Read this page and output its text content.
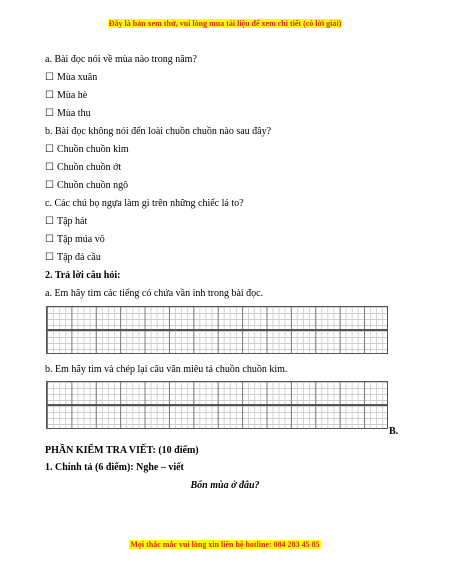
Đây là bản xem thử, vui lòng mua tài liệu để xem chi tiết (có lời giải)
a. Bài đọc nói về mùa nào trong năm?
☐ Mùa xuân
☐ Mùa hè
☐ Mùa thu
b. Bài đọc không nói đến loài chuồn chuồn nào sau đây?
☐ Chuồn chuồn kim
☐ Chuồn chuồn ớt
☐ Chuồn chuồn ngô
c. Các chú bọ ngựa làm gì trên những chiếc lá to?
☐ Tập hát
☐ Tập múa võ
☐ Tập đá cầu
2. Trả lời câu hỏi:
a. Em hãy tìm các tiếng có chứa vần inh trong bài đọc.
b. Em hãy tìm và chép lại câu văn miêu tả chuồn chuồn kim.
B.
PHẦN KIỂM TRA VIẾT: (10 điểm)
1. Chính tả (6 điểm): Nghe – viết
Bốn mùa ở đâu?
Mọi thắc mắc vui lòng xin liên hệ hotline: 084 283 45 85
